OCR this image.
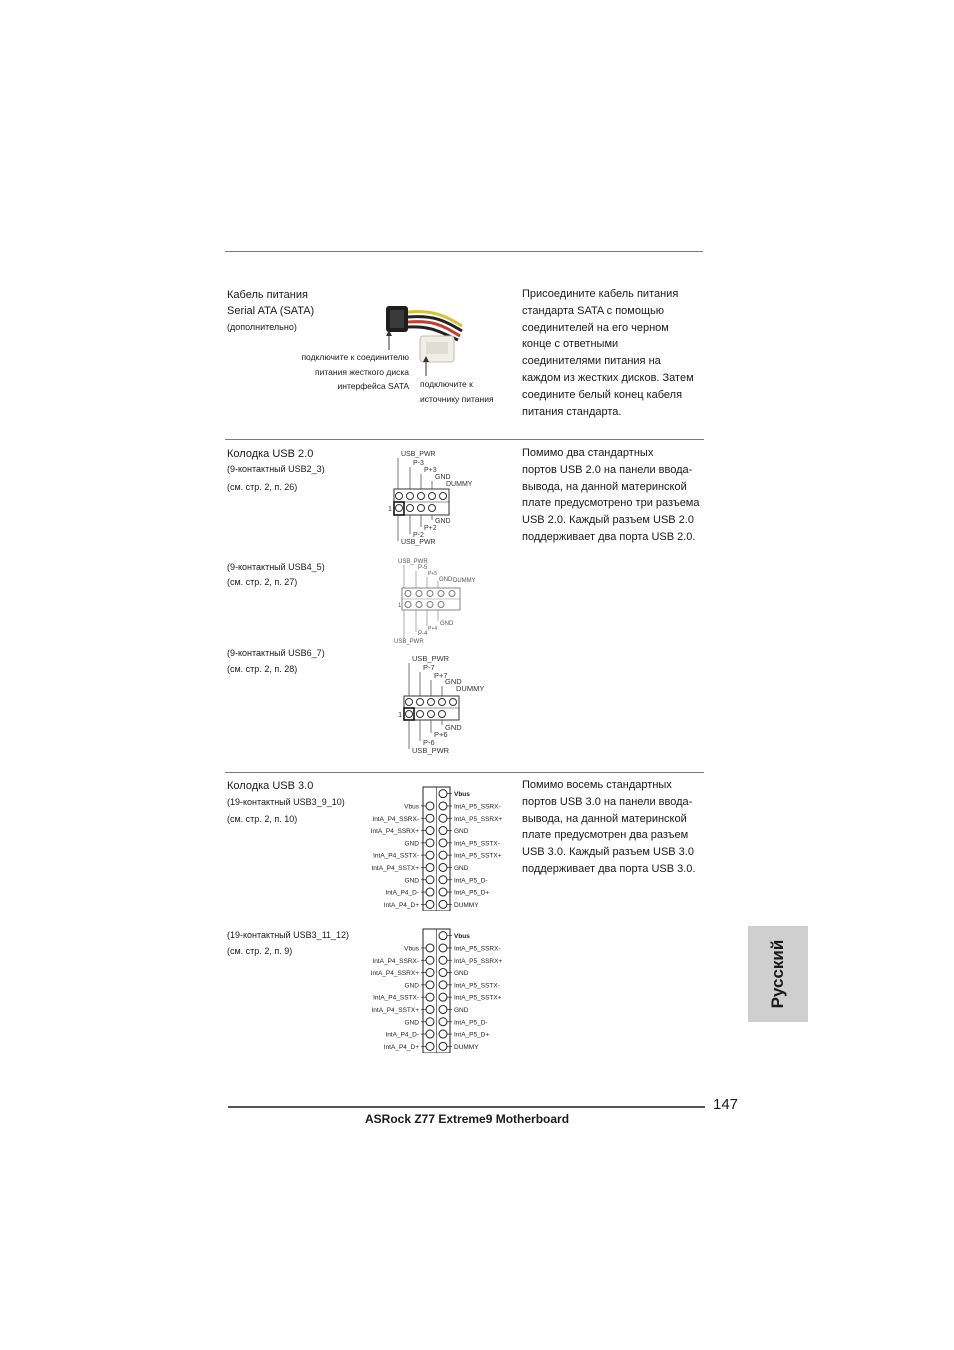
Кабель питания
Serial ATA (SATA)
(дополнительно)
подключите к соединителю
питания жесткого диска
интерфейса SATA подключите к
источнику питания
Присоедините кабель питания
стандарта SATA с помощью
соединителей на его черном
конце с ответными
соединителями питания на
каждом из жестких дисков. Затем
соедините белый конец кабеля
питания стандарта.
Колодка USB 2.0
(9-контактный USB2_3)
(см. стр. 2, п. 26)
(9-контактный USB4_5)
(см. стр. 2, п. 27)
(9-контактный USB6_7)
(см. стр. 2, п. 28)
Помимо два стандартных
портов USB 2.0 на панели ввода-
вывода, на данной материнской
плате предусмотрено три разъема
USB 2.0. Каждый разъем USB 2.0
поддерживает два порта USB 2.0.
USB_PWR
P-3
P+3
GND
DUMMY
1
GND
P+2
P-2
USB_PWR
USB_PWR
P-5
P+5
GND DUMMY
1
GND
P+4
P-4
USB_PWR
USB_PWR
P-7
P+7
GND
DUMMY
1
GND
P+6
P-6
USB_PWR
Колодка USB 3.0
(19-контактный USB3_9_10)
(см. стр. 2, п. 10)
(19-контактный USB3_11_12)
(см. стр. 2, п. 9)
Помимо восемь стандартных
портов USB 3.0 на панели ввода-
вывода, на данной материнской
плате предусмотрен два разъем
USB 3.0. Каждый разъем USB 3.0
поддерживает два порта USB 3.0.
Vbus
IntA_P5_SSRX-
Vbus
IntA_P5_SSRX+
IntA_P4_SSRX-
GND
IntA_P4_SSRX+
IntA_P5_SSTX-
GND
IntA_P5_SSTX+
IntA_P4_SSTX-
GND
IntA_P4_SSTX+
IntA_P5_D-
GND
IntA_P5_D+
IntA_P4_D-
DUMMY
IntA_P4_D+
Vbus
IntA_P5_SSRX-
Vbus
IntA_P5_SSRX+
IntA_P4_SSRX-
GND
IntA_P4_SSRX+
IntA_P5_SSTX-
GND
IntA_P5_SSTX+
IntA_P4_SSTX-
GND
IntA_P4_SSTX+
IntA_P5_D-
GND
IntA_P5_D+
IntA_P4_D-
DUMMY
IntA_P4_D+
Русский
147
ASRock Z77 Extreme9 Motherboard
